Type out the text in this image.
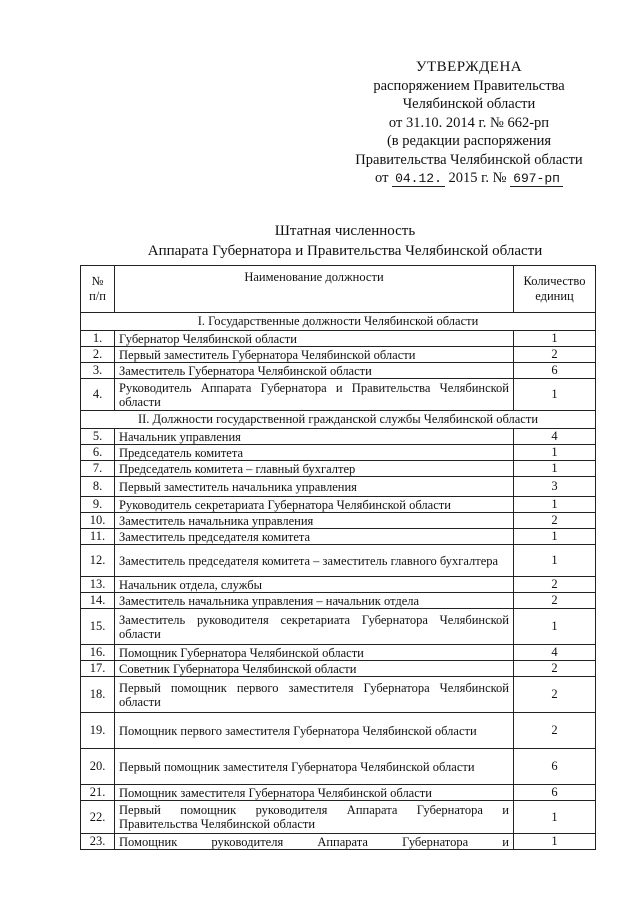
УТВЕРЖДЕНА
распоряжением Правительства
Челябинской области
от 31.10. 2014 г. № 662-рп
(в редакции распоряжения
Правительства Челябинской области
от 04.12. 2015 г. № 697-рп
Штатная численность
Аппарата Губернатора и Правительства Челябинской области
№ п/п	Наименование должности	Количество единиц
I. Государственные должности Челябинской области		
1.	Губернатор Челябинской области	1
2.	Первый заместитель Губернатора Челябинской области	2
3.	Заместитель Губернатора Челябинской области	6
4.	Руководитель Аппарата Губернатора и Правительства Челябинской области	1
II. Должности государственной гражданской службы Челябинской области		
5.	Начальник управления	4
6.	Председатель комитета	1
7.	Председатель комитета – главный бухгалтер	1
8.	Первый заместитель начальника управления	3
9.	Руководитель секретариата Губернатора Челябинской области	1
10.	Заместитель начальника управления	2
11.	Заместитель председателя комитета	1
12.	Заместитель председателя комитета – заместитель главного бухгалтера	1
13.	Начальник отдела, службы	2
14.	Заместитель начальника управления – начальник отдела	2
15.	Заместитель руководителя секретариата Губернатора Челябинской области	1
16.	Помощник Губернатора Челябинской области	4
17.	Советник Губернатора Челябинской области	2
18.	Первый помощник первого заместителя Губернатора Челябинской области	2
19.	Помощник первого заместителя Губернатора Челябинской области	2
20.	Первый помощник заместителя Губернатора Челябинской области	6
21.	Помощник заместителя Губернатора Челябинской области	6
22.	Первый помощник руководителя Аппарата Губернатора и Правительства Челябинской области	1
23.	Помощник руководителя Аппарата Губернатора и	1
